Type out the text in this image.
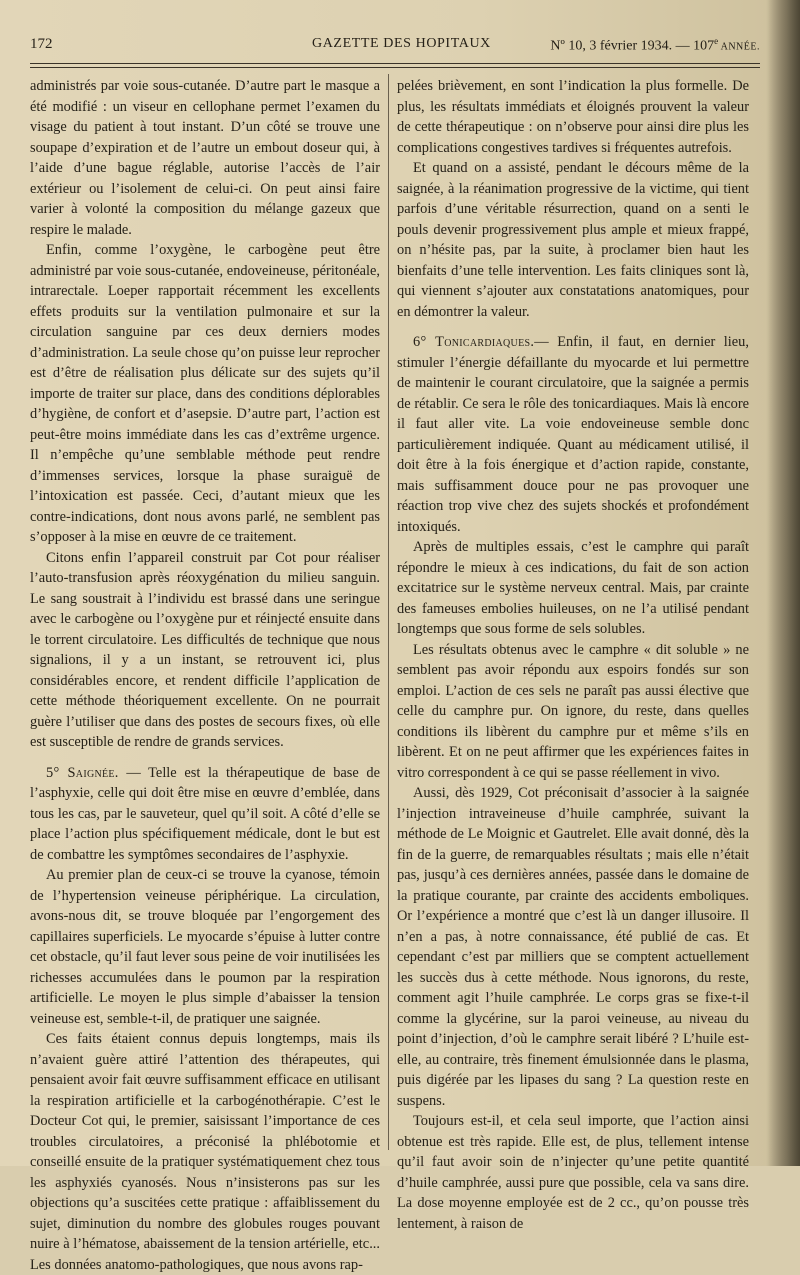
172	GAZETTE DES HOPITAUX	Nº 10, 3 février 1934. — 107e ANNÉE.

administrés par voie sous-cutanée. D’autre part le masque a été modifié : un viseur en cellophane permet l’examen du visage du patient à tout instant. D’un côté se trouve une soupape d’expiration et de l’autre un embout doseur qui, à l’aide d’une bague réglable, autorise l’accès de l’air extérieur ou l’isolement de celui-ci. On peut ainsi faire varier à volonté la composition du mélange gazeux que respire le malade.

Enfin, comme l’oxygène, le carbogène peut être administré par voie sous-cutanée, endoveineuse, péritonéale, intrarectale. Loeper rapportait récemment les excellents effets produits sur la ventilation pulmonaire et sur la circulation sanguine par ces deux derniers modes d’administration. La seule chose qu’on puisse leur reprocher est d’être de réalisation plus délicate sur des sujets qu’il importe de traiter sur place, dans des conditions déplorables d’hygiène, de confort et d’asepsie. D’autre part, l’action est peut-être moins immédiate dans les cas d’extrême urgence. Il n’empêche qu’une semblable méthode peut rendre d’immenses services, lorsque la phase suraiguë de l’intoxication est passée. Ceci, d’autant mieux que les contre-indications, dont nous avons parlé, ne semblent pas s’opposer à la mise en œuvre de ce traitement.

Citons enfin l’appareil construit par Cot pour réaliser l’auto-transfusion après réoxygénation du milieu sanguin. Le sang soustrait à l’individu est brassé dans une seringue avec le carbogène ou l’oxygène pur et réinjecté ensuite dans le torrent circulatoire. Les difficultés de technique que nous signalions, il y a un instant, se retrouvent ici, plus considérables encore, et rendent difficile l’application de cette méthode théoriquement excellente. On ne pourrait guère l’utiliser que dans des postes de secours fixes, où elle est susceptible de rendre de grands services.

5° Saignée. — Telle est la thérapeutique de base de l’asphyxie, celle qui doit être mise en œuvre d’emblée, dans tous les cas, par le sauveteur, quel qu’il soit. A côté d’elle se place l’action plus spécifiquement médicale, dont le but est de combattre les symptômes secondaires de l’asphyxie.

Au premier plan de ceux-ci se trouve la cyanose, témoin de l’hypertension veineuse périphérique. La circulation, avons-nous dit, se trouve bloquée par l’engorgement des capillaires superficiels. Le myocarde s’épuise à lutter contre cet obstacle, qu’il faut lever sous peine de voir inutilisées les richesses accumulées dans le poumon par la respiration artificielle. Le moyen le plus simple d’abaisser la tension veineuse est, semble-t-il, de pratiquer une saignée.

Ces faits étaient connus depuis longtemps, mais ils n’avaient guère attiré l’attention des thérapeutes, qui pensaient avoir fait œuvre suffisamment efficace en utilisant la respiration artificielle et la carbogénothérapie. C’est le Docteur Cot qui, le premier, saisissant l’importance de ces troubles circulatoires, a préconisé la phlébotomie et conseillé ensuite de la pratiquer systématiquement chez tous les asphyxiés cyanosés. Nous n’insisterons pas sur les objections qu’a suscitées cette pratique : affaiblissement du sujet, diminution du nombre des globules rouges pouvant nuire à l’hématose, abaissement de la tension artérielle, etc... Les données anatomo-pathologiques, que nous avons rap-

pelées brièvement, en sont l’indication la plus formelle. De plus, les résultats immédiats et éloignés prouvent la valeur de cette thérapeutique : on n’observe pour ainsi dire plus les complications congestives tardives si fréquentes autrefois.

Et quand on a assisté, pendant le décours même de la saignée, à la réanimation progressive de la victime, qui tient parfois d’une véritable résurrection, quand on a senti le pouls devenir progressivement plus ample et mieux frappé, on n’hésite pas, par la suite, à proclamer bien haut les bienfaits d’une telle intervention. Les faits cliniques sont là, qui viennent s’ajouter aux constatations anatomiques, pour en démontrer la valeur.

6° Tonicardiaques.— Enfin, il faut, en dernier lieu, stimuler l’énergie défaillante du myocarde et lui permettre de maintenir le courant circulatoire, que la saignée a permis de rétablir. Ce sera le rôle des tonicardiaques. Mais là encore il faut aller vite. La voie endoveineuse semble donc particulièrement indiquée. Quant au médicament utilisé, il doit être à la fois énergique et d’action rapide, constante, mais suffisamment douce pour ne pas provoquer une réaction trop vive chez des sujets shockés et profondément intoxiqués.

Après de multiples essais, c’est le camphre qui paraît répondre le mieux à ces indications, du fait de son action excitatrice sur le système nerveux central. Mais, par crainte des fameuses embolies huileuses, on ne l’a utilisé pendant longtemps que sous forme de sels solubles.

Les résultats obtenus avec le camphre « dit soluble » ne semblent pas avoir répondu aux espoirs fondés sur son emploi. L’action de ces sels ne paraît pas aussi élective que celle du camphre pur. On ignore, du reste, dans quelles conditions ils libèrent du camphre pur et même s’ils en libèrent. Et on ne peut affirmer que les expériences faites in vitro correspondent à ce qui se passe réellement in vivo.

Aussi, dès 1929, Cot préconisait d’associer à la saignée l’injection intraveineuse d’huile camphrée, suivant la méthode de Le Moignic et Gautrelet. Elle avait donné, dès la fin de la guerre, de remarquables résultats ; mais elle n’était pas, jusqu’à ces dernières années, passée dans le domaine de la pratique courante, par crainte des accidents emboliques. Or l’expérience a montré que c’est là un danger illusoire. Il n’en a pas, à notre connaissance, été publié de cas. Et cependant c’est par milliers que se comptent actuellement les succès dus à cette méthode. Nous ignorons, du reste, comment agit l’huile camphrée. Le corps gras se fixe-t-il comme la glycérine, sur la paroi veineuse, au niveau du point d’injection, d’où le camphre serait libéré ? L’huile est-elle, au contraire, très finement émulsionnée dans le plasma, puis digérée par les lipases du sang ? La question reste en suspens.

Toujours est-il, et cela seul importe, que l’action ainsi obtenue est très rapide. Elle est, de plus, tellement intense qu’il faut avoir soin de n’injecter qu’une petite quantité d’huile camphrée, aussi pure que possible, cela va sans dire. La dose moyenne employée est de 2 cc., qu’on pousse très lentement, à raison de
